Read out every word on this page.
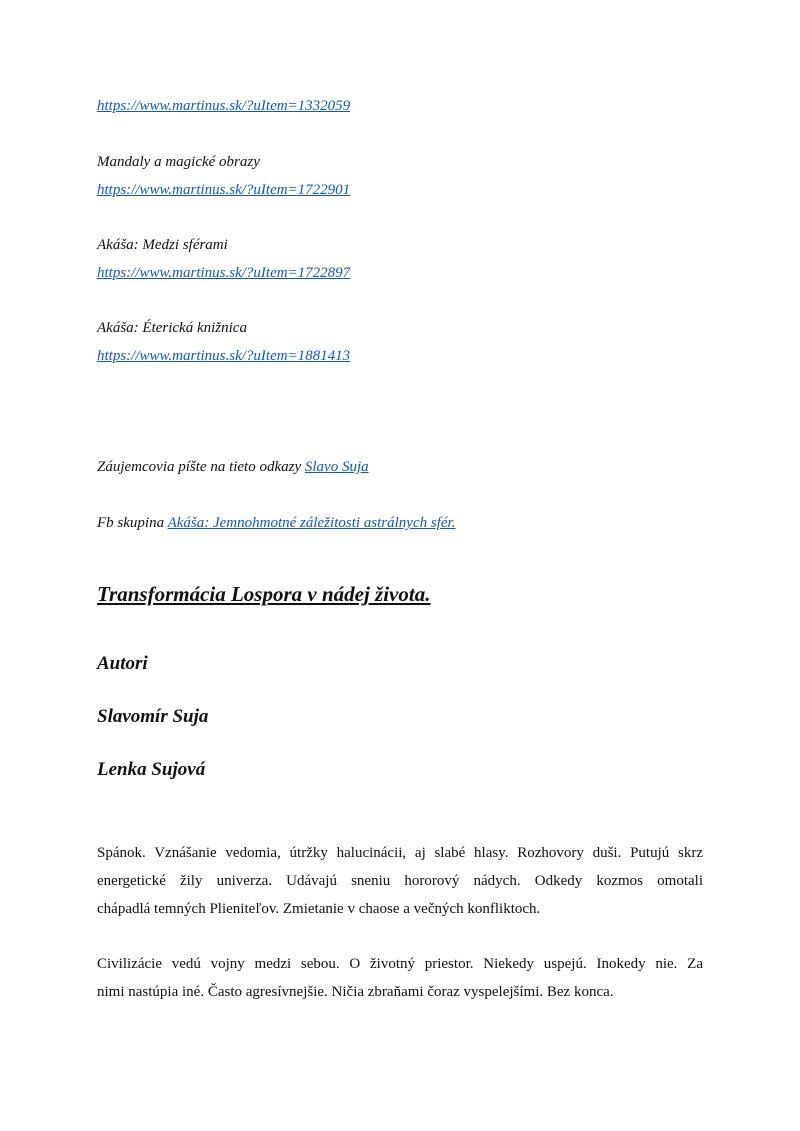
https://www.martinus.sk/?uItem=1332059
Mandaly a magické obrazy
https://www.martinus.sk/?uItem=1722901
Akáša: Medzi sférami
https://www.martinus.sk/?uItem=1722897
Akáša: Éterická knižnica
https://www.martinus.sk/?uItem=1881413
Záujemcovia píšte na tieto odkazy Slavo Suja
Fb skupina Akáša: Jemnohmotné záležitosti astrálnych sfér.
Transformácia Lospora v nádej života.
Autori
Slavomír Suja
Lenka Sujová
Spánok. Vznášanie vedomia, útržky halucinácii, aj slabé hlasy. Rozhovory duši. Putujú skrz
energetické žily univerza. Udávajú sneniu hororový nádych. Odkedy kozmos omotali
chápadlá temných Plieniteľov. Zmietanie v chaose a večných konfliktoch.
Civilizácie vedú vojny medzi sebou. O životný priestor. Niekedy uspejú. Inokedy nie. Za
nimi nastúpia iné. Často agresívnejšie. Ničia zbraňami čoraz vyspelejšími. Bez konca.
